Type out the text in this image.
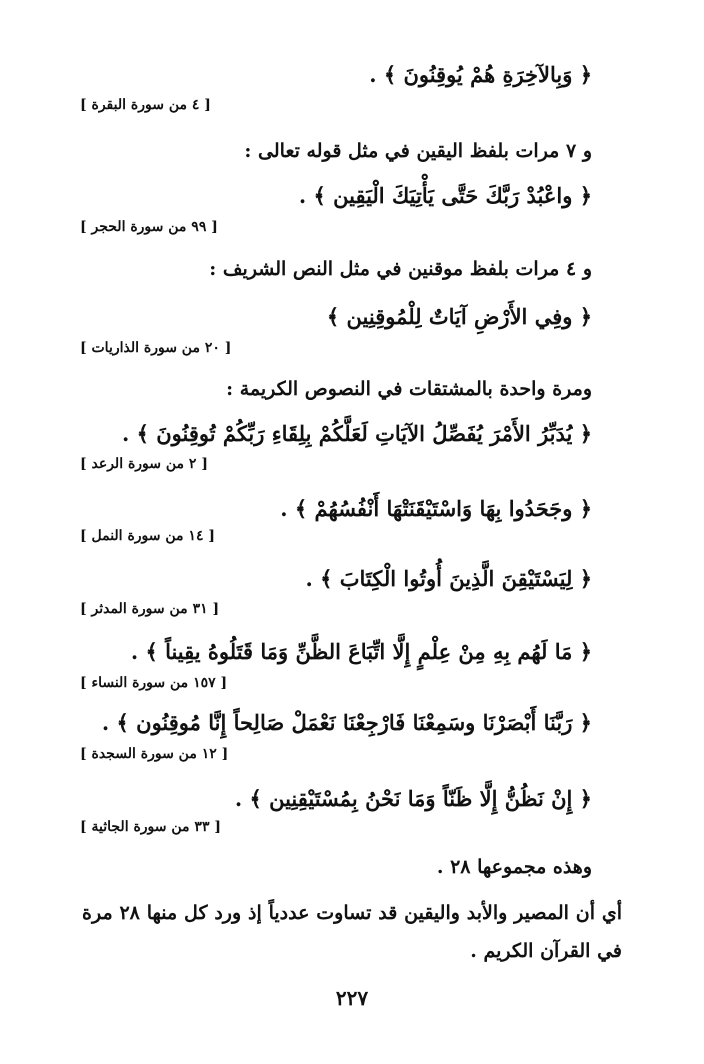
﴿ وَبِالآخِرَةِ هُمْ يُوقِنُونَ ﴾ .
[ ٤ من سورة البقرة ]
و ٧ مرات بلفظ اليقين في مثل قوله تعالى :
﴿ واعْبُدْ رَبَّكَ حَتَّى يَأْتِيَكَ الْيَقِين ﴾ .
[ ٩٩ من سورة الحجر ]
و ٤ مرات بلفظ موقنين في مثل النص الشريف :
﴿ وفِي الأَرْضِ آيَاتٌ لِلْمُوقِنِين ﴾
[ ٢٠ من سورة الذاريات ]
ومرة واحدة بالمشتقات في النصوص الكريمة :
﴿ يُدَبِّرُ الأَمْرَ يُفَصِّلُ الآيَاتِ لَعَلَّكُمْ بِلِقَاءِ رَبِّكُمْ تُوقِنُونَ ﴾ .
[ ٢ من سورة الرعد ]
﴿ وجَحَدُوا بِهَا وَاسْتَيْقَنَتْهَا أَنْفُسُهُمْ ﴾ .
[ ١٤ من سورة النمل ]
﴿ لِيَسْتَيْقِنَ الَّذِينَ أُوتُوا الْكِتَابَ ﴾ .
[ ٣١ من سورة المدثر ]
﴿ مَا لَهُم بِهِ مِنْ عِلْمٍ إِلَّا اتِّبَاعَ الظَّنِّ وَمَا قَتَلُوهُ يقِيناً ﴾ .
[ ١٥٧ من سورة النساء ]
﴿ رَبَّنَا أَبْصَرْنَا وسَمِعْنَا فَارْجِعْنَا نَعْمَلْ صَالِحاً إِنَّا مُوقِنُون ﴾ .
[ ١٢ من سورة السجدة ]
﴿ إِنْ نَظُنُّ إِلَّا ظَنّاً وَمَا نَحْنُ بِمُسْتَيْقِنِين ﴾ .
[ ٣٣ من سورة الجاثية ]
وهذه مجموعها ٢٨ .
أي أن المصير والأبد واليقين قد تساوت عددياً إذ ورد كل منها ٢٨ مرة
في القرآن الكريم .
٢٢٧
